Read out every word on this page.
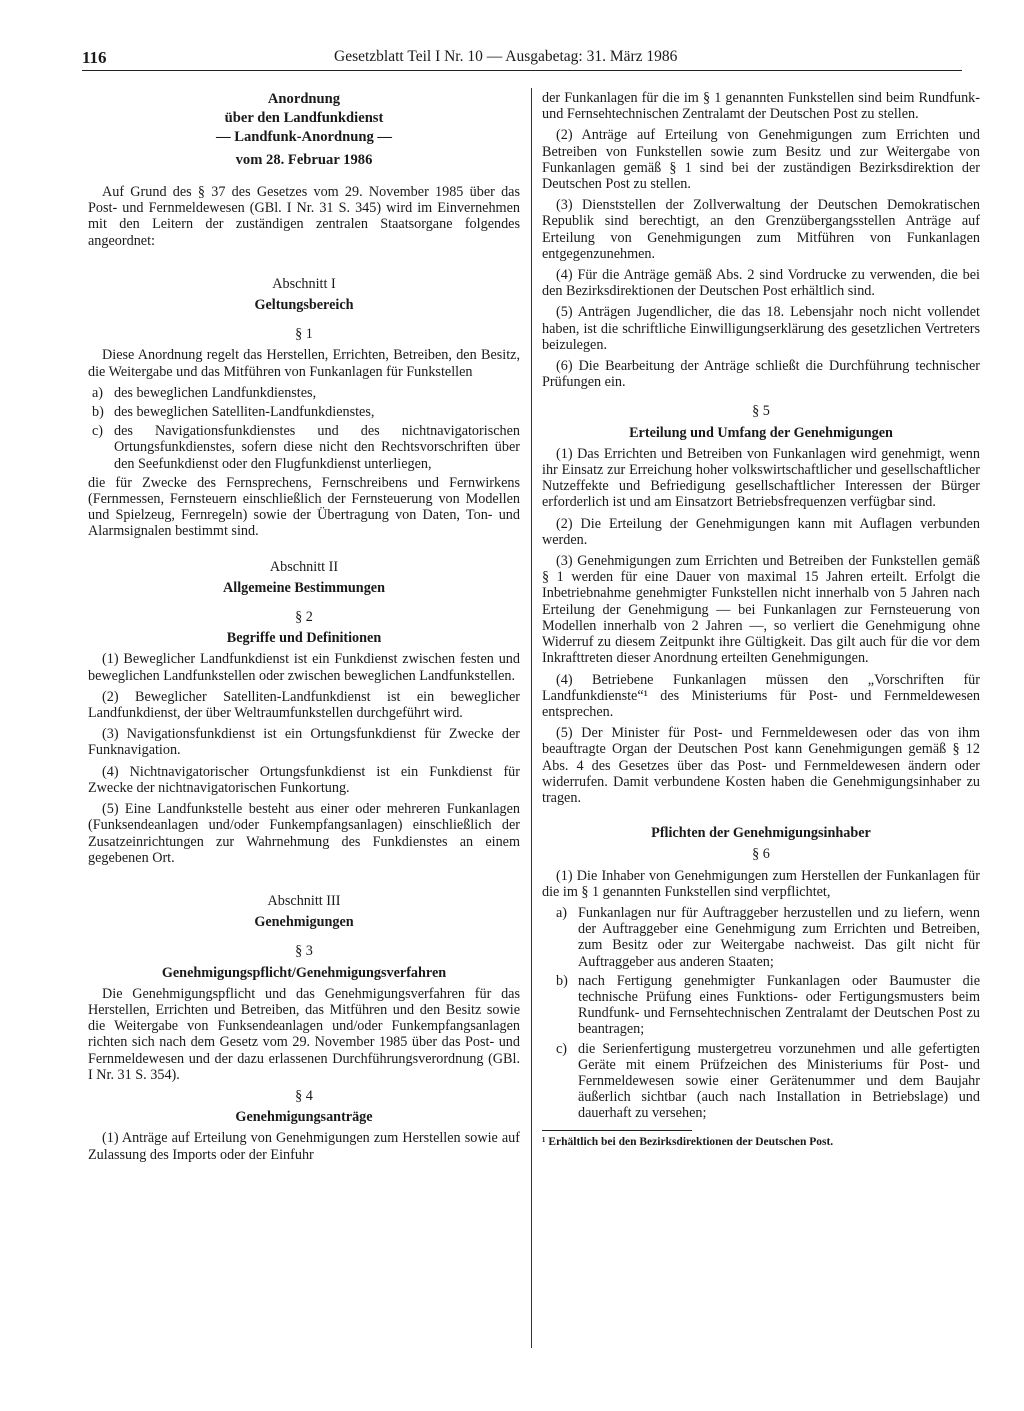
116	Gesetzblatt Teil I Nr. 10 — Ausgabetag: 31. März 1986
Anordnung
über den Landfunkdienst
— Landfunk-Anordnung —
vom 28. Februar 1986

Auf Grund des § 37 des Gesetzes vom 29. November 1985 über das Post- und Fernmeldewesen (GBl. I Nr. 31 S. 345) wird im Einvernehmen mit den Leitern der zuständigen zentralen Staatsorgane folgendes angeordnet:

Abschnitt I
Geltungsbereich
§ 1

Diese Anordnung regelt das Herstellen, Errichten, Betreiben, den Besitz, die Weitergabe und das Mitführen von Funkanlagen für Funkstellen

a) des beweglichen Landfunkdienstes,
b) des beweglichen Satelliten-Landfunkdienstes,
c) des Navigationsfunkdienstes und des nichtnavigatorischen Ortungsfunkdienstes, sofern diese nicht den Rechtsvorschriften über den Seefunkdienst oder den Flugfunkdienst unterliegen,

die für Zwecke des Fernsprechens, Fernschreibens und Fernwirkens (Fernmessen, Fernsteuern einschließlich der Fernsteuerung von Modellen und Spielzeug, Fernregeln) sowie der Übertragung von Daten, Ton- und Alarmsignalen bestimmt sind.

Abschnitt II
Allgemeine Bestimmungen
§ 2
Begriffe und Definitionen

(1) Beweglicher Landfunkdienst ist ein Funkdienst zwischen festen und beweglichen Landfunkstellen oder zwischen beweglichen Landfunkstellen.

(2) Beweglicher Satelliten-Landfunkdienst ist ein beweglicher Landfunkdienst, der über Weltraumfunkstellen durchgeführt wird.

(3) Navigationsfunkdienst ist ein Ortungsfunkdienst für Zwecke der Funknavigation.

(4) Nichtnavigatorischer Ortungsfunkdienst ist ein Funkdienst für Zwecke der nichtnavigatorischen Funkortung.

(5) Eine Landfunkstelle besteht aus einer oder mehreren Funkanlagen (Funksendeanlagen und/oder Funkempfangsanlagen) einschließlich der Zusatzeinrichtungen zur Wahrnehmung des Funkdienstes an einem gegebenen Ort.

Abschnitt III
Genehmigungen
§ 3
Genehmigungspflicht/Genehmigungsverfahren

Die Genehmigungspflicht und das Genehmigungsverfahren für das Herstellen, Errichten und Betreiben, das Mitführen und den Besitz sowie die Weitergabe von Funksendeanlagen und/oder Funkempfangsanlagen richten sich nach dem Gesetz vom 29. November 1985 über das Post- und Fernmeldewesen und der dazu erlassenen Durchführungsverordnung (GBl. I Nr. 31 S. 354).

§ 4
Genehmigungsanträge

(1) Anträge auf Erteilung von Genehmigungen zum Herstellen sowie auf Zulassung des Imports oder der Einfuhr

der Funkanlagen für die im § 1 genannten Funkstellen sind beim Rundfunk- und Fernsehtechnischen Zentralamt der Deutschen Post zu stellen.

(2) Anträge auf Erteilung von Genehmigungen zum Errichten und Betreiben von Funkstellen sowie zum Besitz und zur Weitergabe von Funkanlagen gemäß § 1 sind bei der zuständigen Bezirksdirektion der Deutschen Post zu stellen.

(3) Dienststellen der Zollverwaltung der Deutschen Demokratischen Republik sind berechtigt, an den Grenzübergangsstellen Anträge auf Erteilung von Genehmigungen zum Mitführen von Funkanlagen entgegenzunehmen.

(4) Für die Anträge gemäß Abs. 2 sind Vordrucke zu verwenden, die bei den Bezirksdirektionen der Deutschen Post erhältlich sind.

(5) Anträgen Jugendlicher, die das 18. Lebensjahr noch nicht vollendet haben, ist die schriftliche Einwilligungserklärung des gesetzlichen Vertreters beizulegen.

(6) Die Bearbeitung der Anträge schließt die Durchführung technischer Prüfungen ein.

§ 5
Erteilung und Umfang der Genehmigungen

(1) Das Errichten und Betreiben von Funkanlagen wird genehmigt, wenn ihr Einsatz zur Erreichung hoher volkswirtschaftlicher und gesellschaftlicher Nutzeffekte und Befriedigung gesellschaftlicher Interessen der Bürger erforderlich ist und am Einsatzort Betriebsfrequenzen verfügbar sind.

(2) Die Erteilung der Genehmigungen kann mit Auflagen verbunden werden.

(3) Genehmigungen zum Errichten und Betreiben der Funkstellen gemäß § 1 werden für eine Dauer von maximal 15 Jahren erteilt. Erfolgt die Inbetriebnahme genehmigter Funkstellen nicht innerhalb von 5 Jahren nach Erteilung der Genehmigung — bei Funkanlagen zur Fernsteuerung von Modellen innerhalb von 2 Jahren —, so verliert die Genehmigung ohne Widerruf zu diesem Zeitpunkt ihre Gültigkeit. Das gilt auch für die vor dem Inkrafttreten dieser Anordnung erteilten Genehmigungen.

(4) Betriebene Funkanlagen müssen den „Vorschriften für Landfunkdienste“¹ des Ministeriums für Post- und Fernmeldewesen entsprechen.

(5) Der Minister für Post- und Fernmeldewesen oder das von ihm beauftragte Organ der Deutschen Post kann Genehmigungen gemäß § 12 Abs. 4 des Gesetzes über das Post- und Fernmeldewesen ändern oder widerrufen. Damit verbundene Kosten haben die Genehmigungsinhaber zu tragen.

Pflichten der Genehmigungsinhaber
§ 6

(1) Die Inhaber von Genehmigungen zum Herstellen der Funkanlagen für die im § 1 genannten Funkstellen sind verpflichtet,

a) Funkanlagen nur für Auftraggeber herzustellen und zu liefern, wenn der Auftraggeber eine Genehmigung zum Errichten und Betreiben, zum Besitz oder zur Weitergabe nachweist. Das gilt nicht für Auftraggeber aus anderen Staaten;
b) nach Fertigung genehmigter Funkanlagen oder Baumuster die technische Prüfung eines Funktions- oder Fertigungsmusters beim Rundfunk- und Fernsehtechnischen Zentralamt der Deutschen Post zu beantragen;
c) die Serienfertigung mustergetreu vorzunehmen und alle gefertigten Geräte mit einem Prüfzeichen des Ministeriums für Post- und Fernmeldewesen sowie einer Gerätenummer und dem Baujahr äußerlich sichtbar (auch nach Installation in Betriebslage) und dauerhaft zu versehen;
¹ Erhältlich bei den Bezirksdirektionen der Deutschen Post.
